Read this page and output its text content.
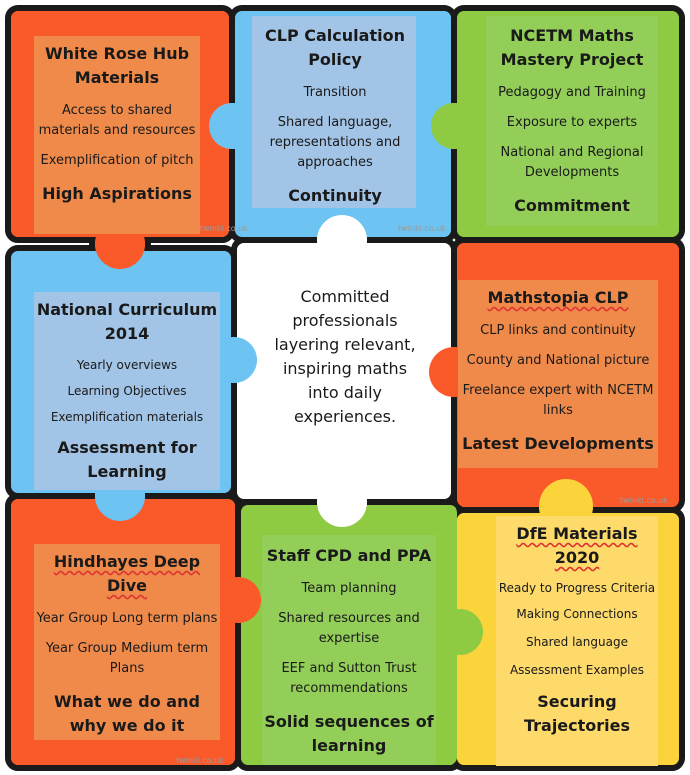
White Rose Hub Materials
Access to shared materials and resources
Exemplification of pitch
High Aspirations
CLP Calculation Policy
Transition
Shared language, representations and approaches
Continuity
NCETM Maths Mastery Project
Pedagogy and Training
Exposure to experts
National and Regional Developments
Commitment
National Curriculum 2014
Yearly overviews
Learning Objectives
Exemplification materials
Assessment for Learning
Committed professionals layering relevant, inspiring maths into daily experiences.
Mathstopia CLP
CLP links and continuity
County and National picture
Freelance expert with NCETM links
Latest Developments
Hindhayes Deep Dive
Year Group Long term plans
Year Group Medium term Plans
What we do and why we do it
Staff CPD and PPA
Team planning
Shared resources and expertise
EEF and Sutton Trust recommendations
Solid sequences of learning
DfE Materials 2020
Ready to Progress Criteria
Making Connections
Shared language
Assessment Examples
Securing Trajectories
twinkl.co.uk	twinkl.co.uk
twinkl.co.uk
twinkl.co.uk
